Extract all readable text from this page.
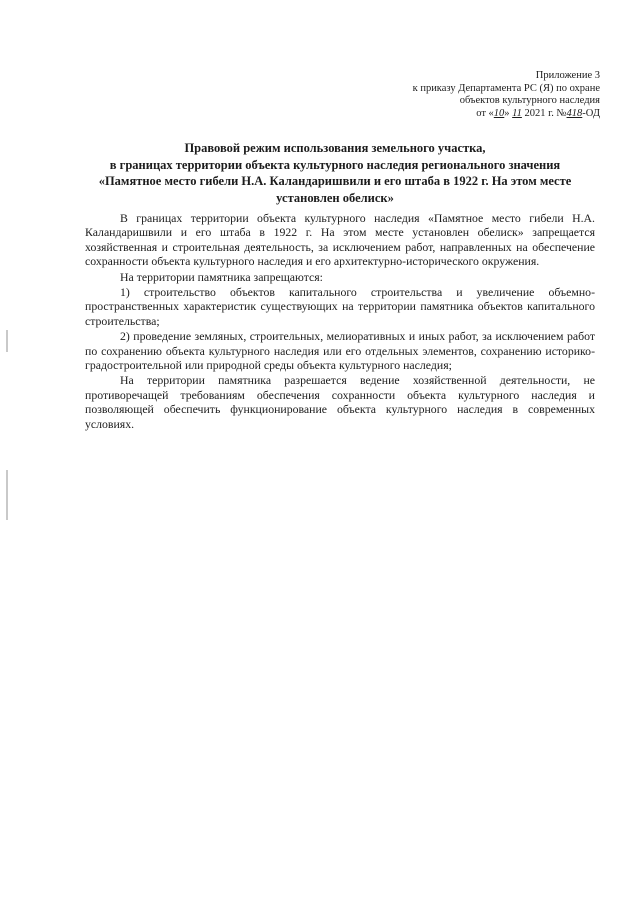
Приложение 3
к приказу Департамента РС (Я) по охране
объектов культурного наследия
от «10» 11 2021 г. №418-ОД
Правовой режим использования земельного участка,
в границах территории объекта культурного наследия регионального значения
«Памятное место гибели Н.А. Каландаришвили и его штаба в 1922 г. На этом месте
установлен обелиск»

В границах территории объекта культурного наследия «Памятное место гибели Н.А. Каландаришвили и его штаба в 1922 г. На этом месте установлен обелиск» запрещается хозяйственная и строительная деятельность, за исключением работ, направленных на обеспечение сохранности объекта культурного наследия и его архитектурно-исторического окружения.

На территории памятника запрещаются:

1) строительство объектов капитального строительства и увеличение объемно-пространственных характеристик существующих на территории памятника объектов капитального строительства;

2) проведение земляных, строительных, мелиоративных и иных работ, за исключением работ по сохранению объекта культурного наследия или его отдельных элементов, сохранению историко-градостроительной или природной среды объекта культурного наследия;

На территории памятника разрешается ведение хозяйственной деятельности, не противоречащей требованиям обеспечения сохранности объекта культурного наследия и позволяющей обеспечить функционирование объекта культурного наследия в современных условиях.
